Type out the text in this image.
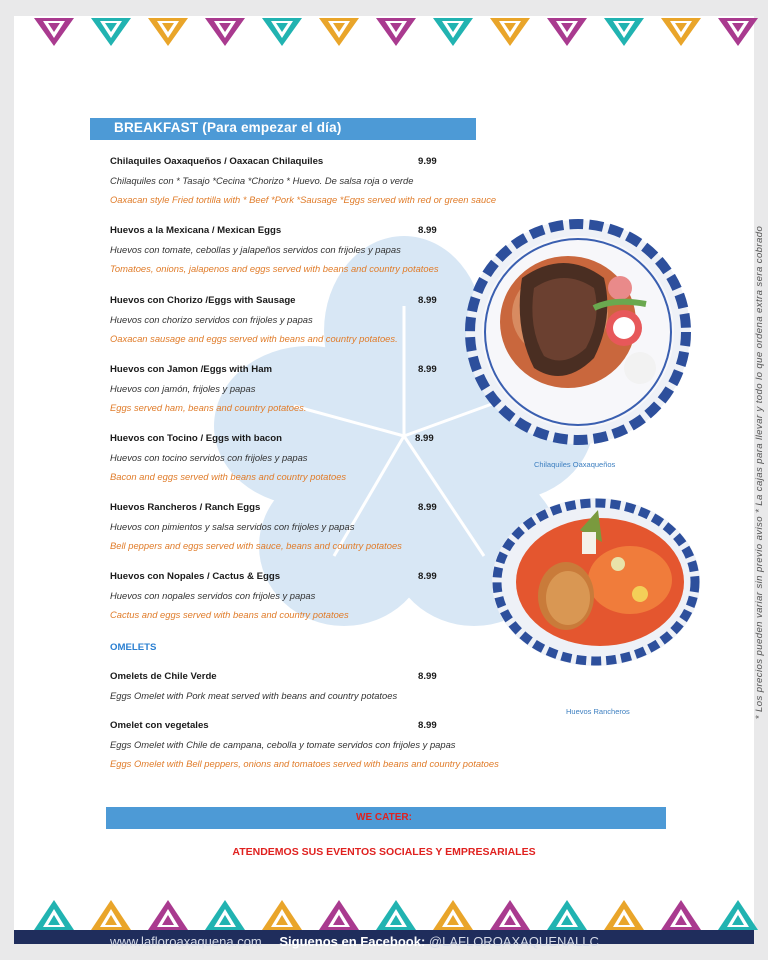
* Los precios pueden variar sin previo aviso * La cajas para llevar y todo lo que ordena extra sera cobrado
BREAKFAST (Para empezar el día)
Chilaquiles Oaxaqueños / Oaxacan Chilaquiles	9.99
Chilaquiles con * Tasajo *Cecina *Chorizo * Huevo. De salsa roja o verde
Oaxacan style Fried tortilla with * Beef *Pork *Sausage *Eggs served with red or green sauce
Huevos a la Mexicana / Mexican Eggs	8.99
Huevos con tomate, cebollas y jalapeños servidos con frijoles y papas
Tomatoes, onions, jalapenos and eggs served with beans and country potatoes
Huevos con Chorizo /Eggs with Sausage	8.99
Huevos con chorizo servidos con frijoles y papas
Oaxacan sausage and eggs served with beans and country potatoes.
Huevos con Jamon /Eggs with Ham	8.99
Huevos con jamón, frijoles y papas
Eggs served ham, beans and country potatoes.
Huevos con Tocino / Eggs with bacon	8.99
Huevos con tocino servidos con frijoles y papas
Bacon and eggs served with beans and country potatoes
Huevos Rancheros / Ranch Eggs	8.99
Huevos con pimientos y salsa servidos con frijoles y papas
Bell peppers and eggs served with sauce, beans and country potatoes
Huevos con Nopales / Cactus & Eggs	8.99
Huevos con nopales servidos con frijoles y papas
Cactus and eggs served with beans and country potatoes
OMELETS
Omelets de Chile Verde	8.99
Eggs Omelet with Pork meat served with beans and country potatoes
Omelet con vegetales	8.99
Eggs Omelet with Chile de campana, cebolla y tomate servidos con frijoles y papas
Eggs Omelet with Bell peppers, onions and tomatoes served with beans and country potatoes
Chilaquiles Oaxaqueños
Huevos Rancheros
WE CATER:
ATENDEMOS SUS EVENTOS SOCIALES Y EMPRESARIALES
www.lafloroaxaquena.com Siguenos en Facebook: @LAFLOROAXAQUENALLC
